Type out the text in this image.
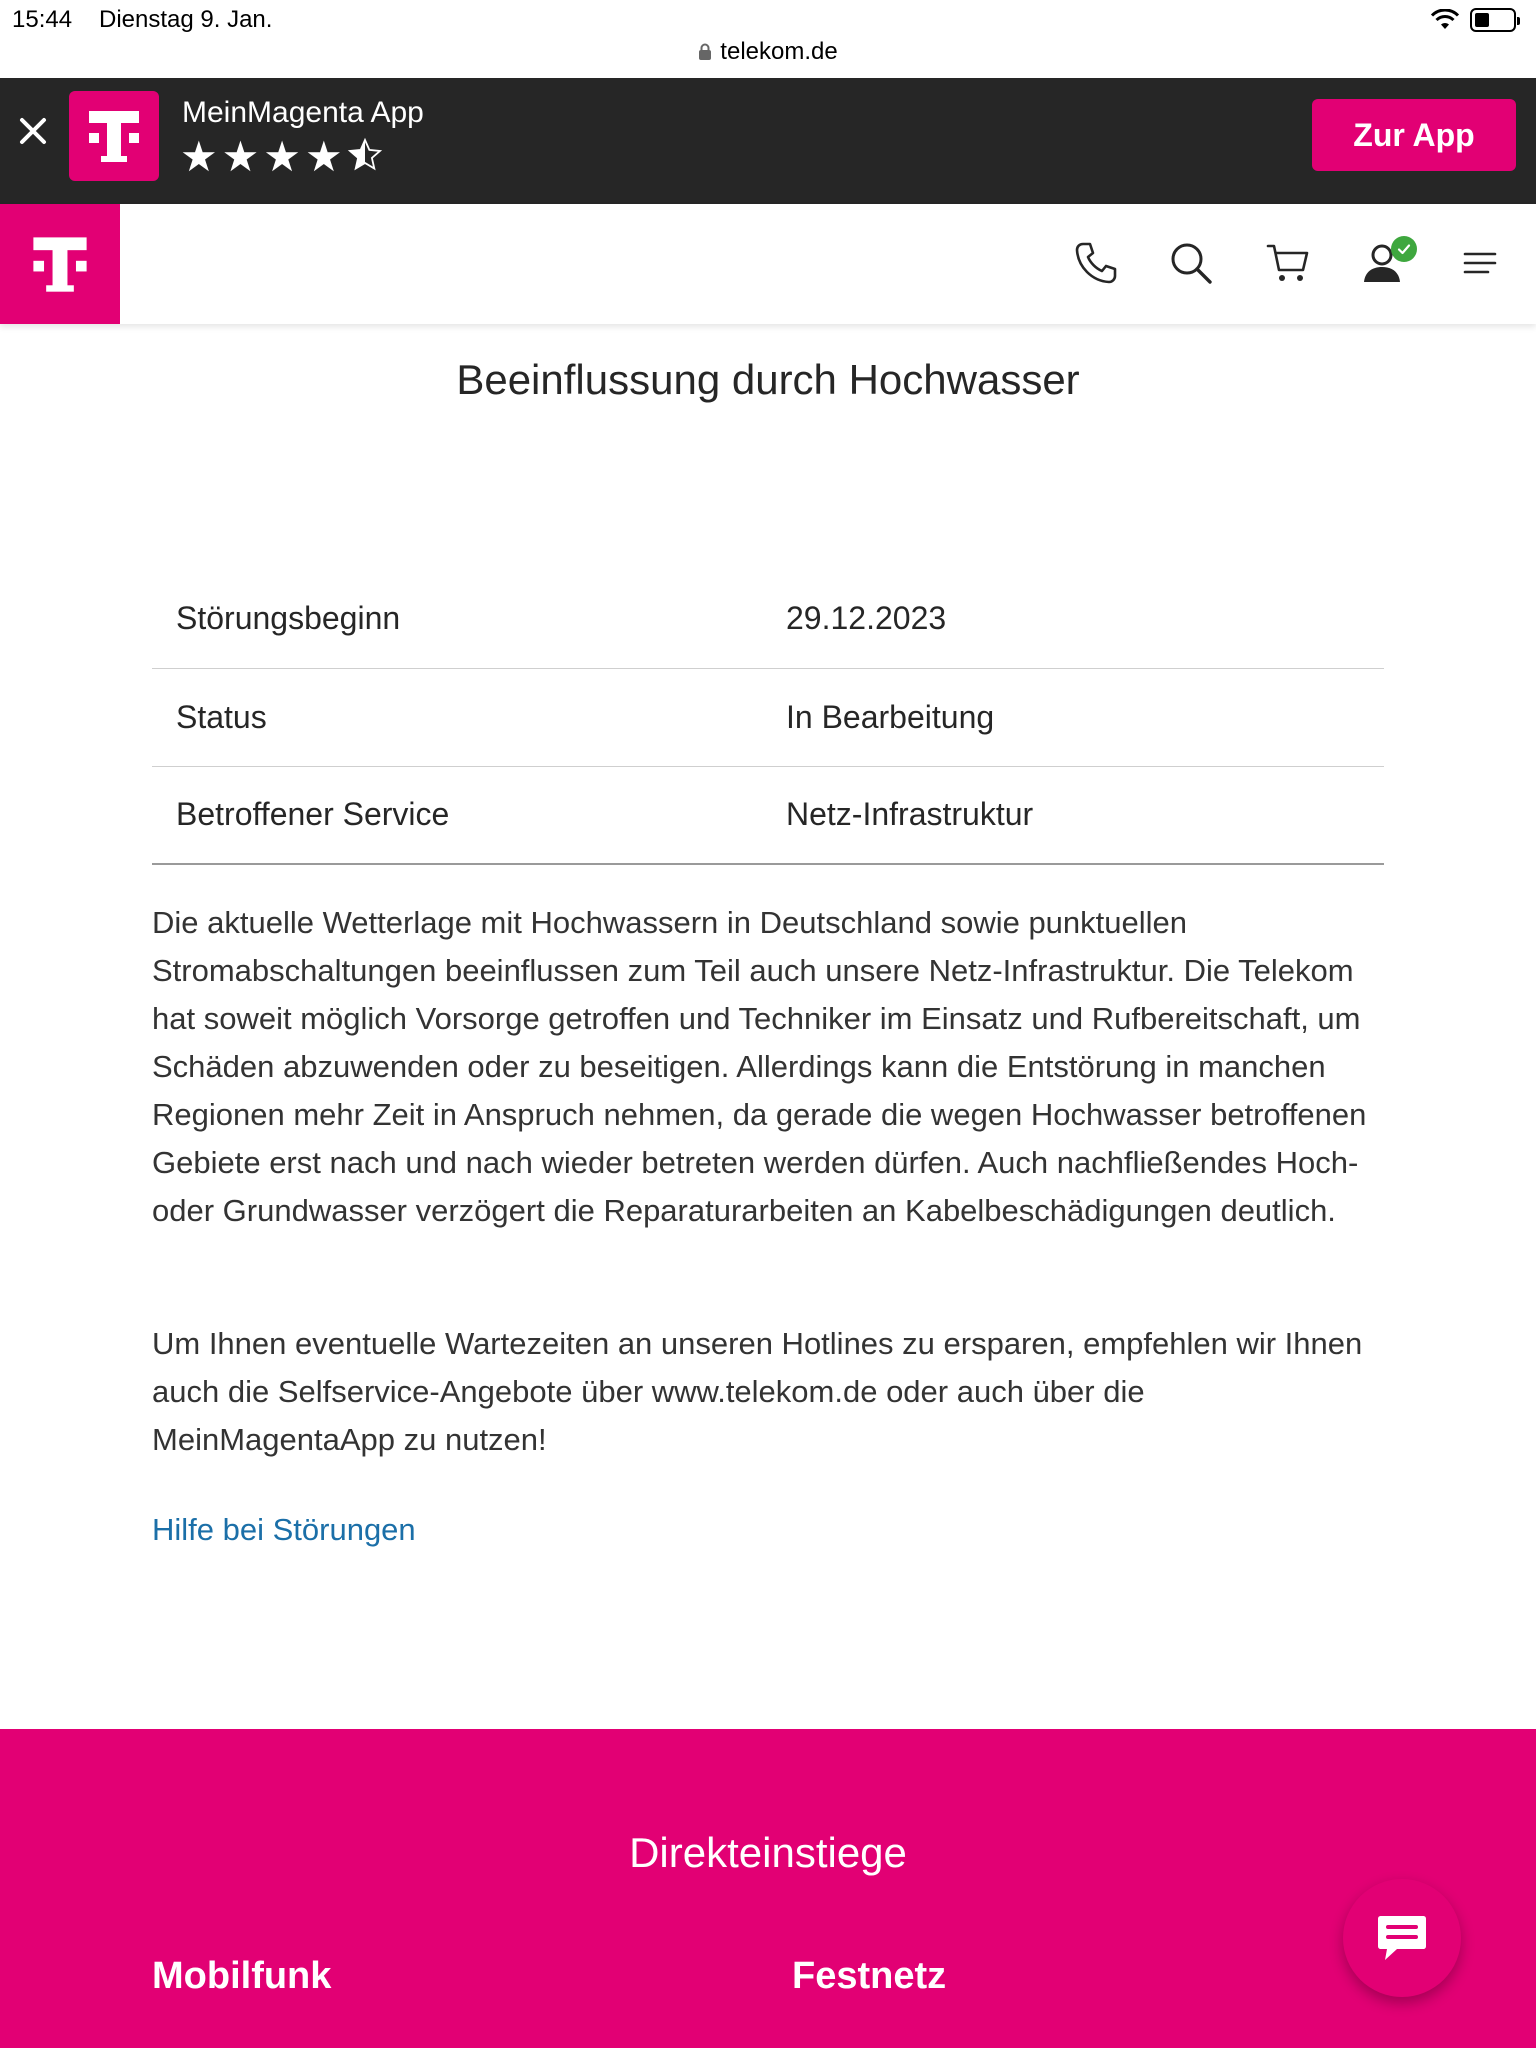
15:44 Dienstag 9. Jan.
telekom.de
MeinMagenta App
★★★★	Zur App
Beeinflussung durch Hochwasser
Störungsbeginn	29.12.2023
Status	In Bearbeitung
Betroffener Service	Netz-Infrastruktur

Die aktuelle Wetterlage mit Hochwassern in Deutschland sowie punktuellen Stromabschaltungen beeinflussen zum Teil auch unsere Netz-Infrastruktur. Die Telekom hat soweit möglich Vorsorge getroffen und Techniker im Einsatz und Rufbereitschaft, um Schäden abzuwenden oder zu beseitigen. Allerdings kann die Entstörung in manchen Regionen mehr Zeit in Anspruch nehmen, da gerade die wegen Hochwasser betroffenen Gebiete erst nach und nach wieder betreten werden dürfen. Auch nachfließendes Hoch- oder Grundwasser verzögert die Reparaturarbeiten an Kabelbeschädigungen deutlich.

Um Ihnen eventuelle Wartezeiten an unseren Hotlines zu ersparen, empfehlen wir Ihnen auch die Selfservice-Angebote über www.telekom.de oder auch über die MeinMagentaApp zu nutzen!

Hilfe bei Störungen
Direkteinstiege
Mobilfunk	Festnetz
